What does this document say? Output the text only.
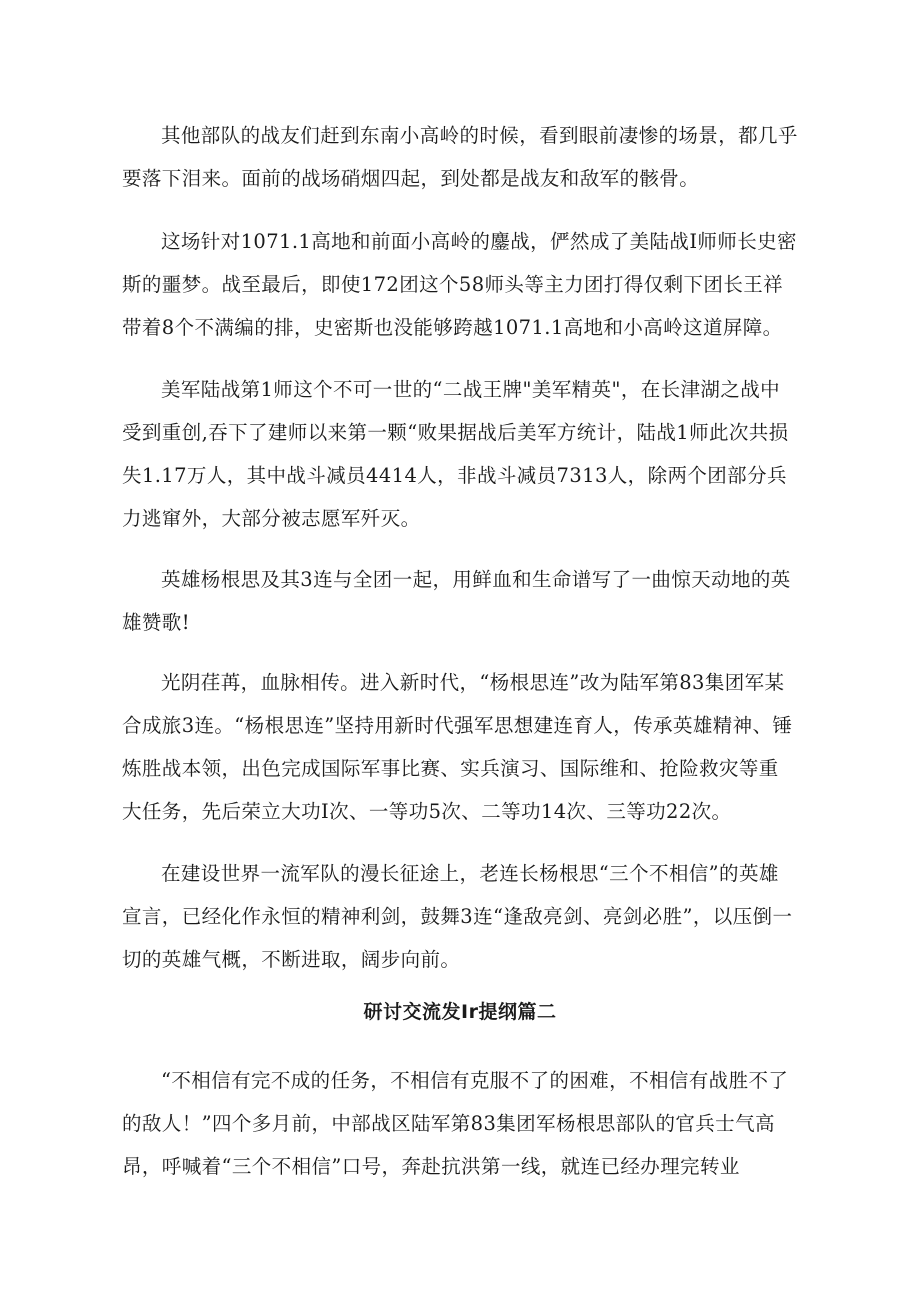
其他部队的战友们赶到东南小高岭的时候，看到眼前凄惨的场景，都几乎要落下泪来。面前的战场硝烟四起，到处都是战友和敌军的骸骨。

这场针对1071.1高地和前面小高岭的鏖战，俨然成了美陆战I师师长史密斯的噩梦。战至最后，即使172团这个58师头等主力团打得仅剩下团长王祥带着8个不满编的排，史密斯也没能够跨越1071.1高地和小高岭这道屏障。

美军陆战第1师这个不可一世的“二战王牌"美军精英"，在长津湖之战中受到重创,吞下了建师以来第一颗“败果据战后美军方统计，陆战1师此次共损失1.17万人，其中战斗减员4414人，非战斗减员7313人，除两个团部分兵力逃窜外，大部分被志愿军歼灭。

英雄杨根思及其3连与全团一起，用鲜血和生命谱写了一曲惊天动地的英雄赞歌!

光阴荏苒，血脉相传。进入新时代，“杨根思连”改为陆军第83集团军某合成旅3连。“杨根思连”坚持用新时代强军思想建连育人，传承英雄精神、锤炼胜战本领，出色完成国际军事比赛、实兵演习、国际维和、抢险救灾等重大任务，先后荣立大功I次、一等功5次、二等功14次、三等功22次。

在建设世界一流军队的漫长征途上，老连长杨根思“三个不相信”的英雄宣言，已经化作永恒的精神利剑，鼓舞3连“逢敌亮剑、亮剑必胜”，以压倒一切的英雄气概，不断进取，阔步向前。

研讨交流发Ir提纲篇二

“不相信有完不成的任务，不相信有克服不了的困难，不相信有战胜不了的敌人！”四个多月前，中部战区陆军第83集团军杨根思部队的官兵士气高昂，呼喊着“三个不相信”口号，奔赴抗洪第一线，就连已经办理完转业
